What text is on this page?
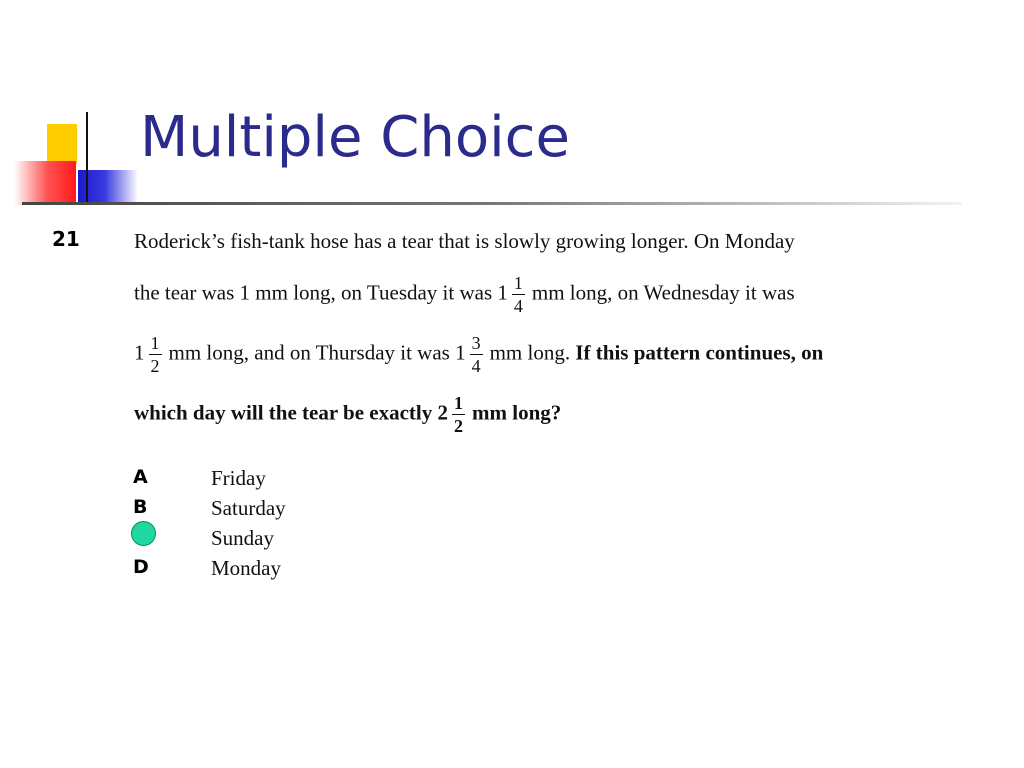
Multiple Choice
21	Roderick’s fish-tank hose has a tear that is slowly growing longer. On Monday
the tear was 1 mm long, on Tuesday it was $1 \frac{1}{4}$ mm long, on Wednesday it was
$1 \frac{1}{2}$ mm long, and on Thursday it was $1 \frac{3}{4}$ mm long. If this pattern continues, on
which day will the tear be exactly $2 \frac{1}{2}$ mm long?
A	Friday
B	Saturday
Sunday
D	Monday
